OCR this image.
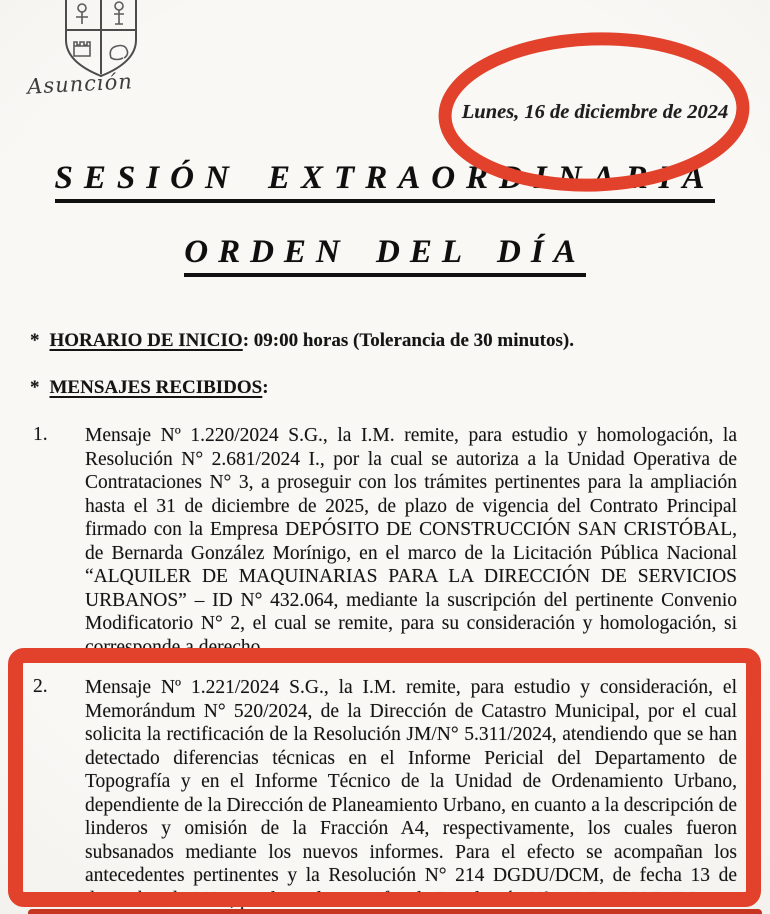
Asunción
Lunes, 16 de diciembre de 2024
SESIÓN EXTRAORDINARIA
ORDEN DEL DÍA
* HORARIO DE INICIO: 09:00 horas (Tolerancia de 30 minutos).
* MENSAJES RECIBIDOS:
1. Mensaje Nº 1.220/2024 S.G., la I.M. remite, para estudio y homologación, la Resolución N° 2.681/2024 I., por la cual se autoriza a la Unidad Operativa de Contrataciones N° 3, a proseguir con los trámites pertinentes para la ampliación hasta el 31 de diciembre de 2025, de plazo de vigencia del Contrato Principal firmado con la Empresa DEPÓSITO DE CONSTRUCCIÓN SAN CRISTÓBAL, de Bernarda González Morínigo, en el marco de la Licitación Pública Nacional “ALQUILER DE MAQUINARIAS PARA LA DIRECCIÓN DE SERVICIOS URBANOS” – ID N° 432.064, mediante la suscripción del pertinente Convenio Modificatorio N° 2, el cual se remite, para su consideración y homologación, si corresponde a derecho.
2. Mensaje Nº 1.221/2024 S.G., la I.M. remite, para estudio y consideración, el Memorándum N° 520/2024, de la Dirección de Catastro Municipal, por el cual solicita la rectificación de la Resolución JM/N° 5.311/2024, atendiendo que se han detectado diferencias técnicas en el Informe Pericial del Departamento de Topografía y en el Informe Técnico de la Unidad de Ordenamiento Urbano, dependiente de la Dirección de Planeamiento Urbano, en cuanto a la descripción de linderos y omisión de la Fracción A4, respectivamente, los cuales fueron subsanados mediante los nuevos informes. Para el efecto se acompañan los antecedentes pertinentes y la Resolución N° 214 DGDU/DCM, de fecha 13 de diciembre de 2024, por la cual se rectifica la Resolución N° 162 DGDU/DCM.
